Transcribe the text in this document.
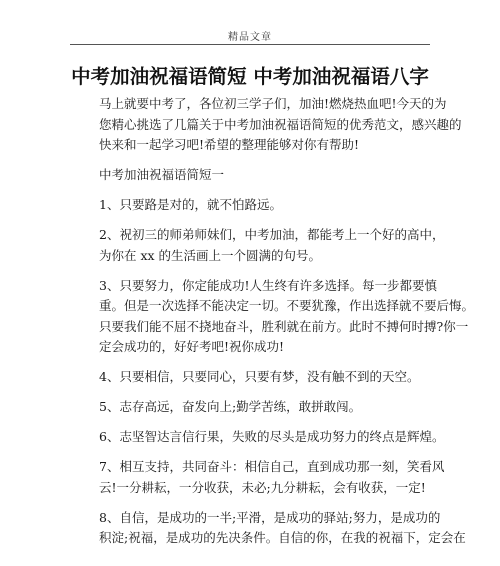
精品文章
中考加油祝福语简短 中考加油祝福语八字

马上就要中考了，各位初三学子们，加油!燃烧热血吧!今天的为
您精心挑选了几篇关于中考加油祝福语简短的优秀范文，感兴趣的
快来和一起学习吧!希望的整理能够对你有帮助!

中考加油祝福语简短一

1、只要路是对的，就不怕路远。

2、祝初三的师弟师妹们，中考加油，都能考上一个好的高中，
为你在 xx 的生活画上一个圆满的句号。

3、只要努力，你定能成功!人生终有许多选择。每一步都要慎
重。但是一次选择不能决定一切。不要犹豫，作出选择就不要后悔。
只要我们能不屈不挠地奋斗，胜利就在前方。此时不搏何时搏?你一
定会成功的，好好考吧!祝你成功!

4、只要相信，只要同心，只要有梦，没有触不到的天空。

5、志存高远，奋发向上;勤学苦练，敢拼敢闯。

6、志坚智达言信行果，失败的尽头是成功努力的终点是辉煌。

7、相互支持，共同奋斗：相信自己，直到成功那一刻，笑看风
云!一分耕耘，一分收获，未必;九分耕耘，会有收获，一定!

8、自信，是成功的一半;平滑，是成功的驿站;努力，是成功的
积淀;祝福，是成功的先决条件。自信的你，在我的祝福下，定会在
